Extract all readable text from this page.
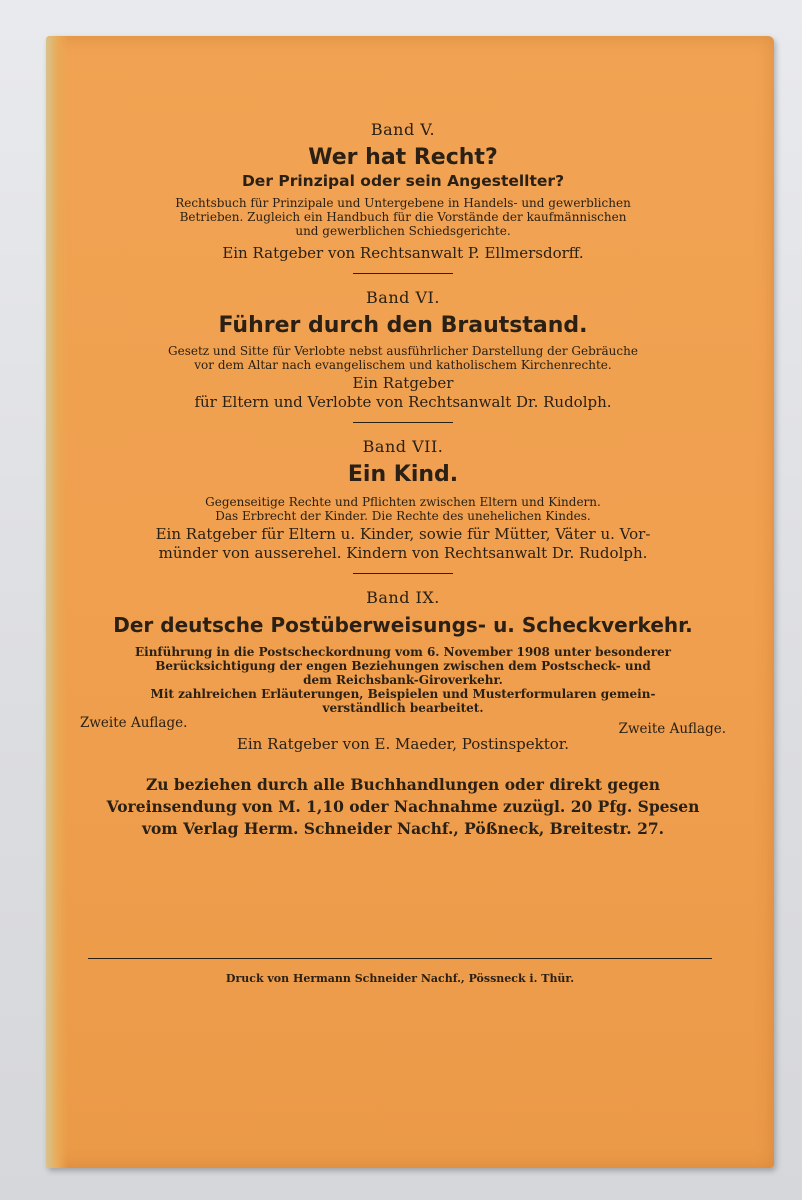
Band V.

Wer hat Recht?

Der Prinzipal oder sein Angestellter?

Rechtsbuch für Prinzipale und Untergebene in Handels- und gewerblichen

Betrieben. Zugleich ein Handbuch für die Vorstände der kaufmännischen

und gewerblichen Schiedsgerichte.

Ein Ratgeber von Rechtsanwalt P. Ellmersdorff.

Band VI.

Führer durch den Brautstand.

Gesetz und Sitte für Verlobte nebst ausführlicher Darstellung der Gebräuche

vor dem Altar nach evangelischem und katholischem Kirchenrechte.

Ein Ratgeber

für Eltern und Verlobte von Rechtsanwalt Dr. Rudolph.

Band VII.

Ein Kind.

Gegenseitige Rechte und Pflichten zwischen Eltern und Kindern.

Das Erbrecht der Kinder. Die Rechte des unehelichen Kindes.

Ein Ratgeber für Eltern u. Kinder, sowie für Mütter, Väter u. Vor-

münder von ausserehel. Kindern von Rechtsanwalt Dr. Rudolph.

Band IX.

Der deutsche Postüberweisungs- u. Scheckverkehr.

Einführung in die Postscheckordnung vom 6. November 1908 unter besonderer

Berücksichtigung der engen Beziehungen zwischen dem Postscheck- und

dem Reichsbank-Giroverkehr.

Mit zahlreichen Erläuterungen, Beispielen und Musterformularen gemein-

verständlich bearbeitet.

Zweite Auflage.	Zweite Auflage.

Ein Ratgeber von E. Maeder, Postinspektor.

Zu beziehen durch alle Buchhandlungen oder direkt gegen
Voreinsendung von M. 1,10 oder Nachnahme zuzügl. 20 Pfg. Spesen
vom Verlag Herm. Schneider Nachf., Pößneck, Breitestr. 27.
Druck von Hermann Schneider Nachf., Pössneck i. Thür.
